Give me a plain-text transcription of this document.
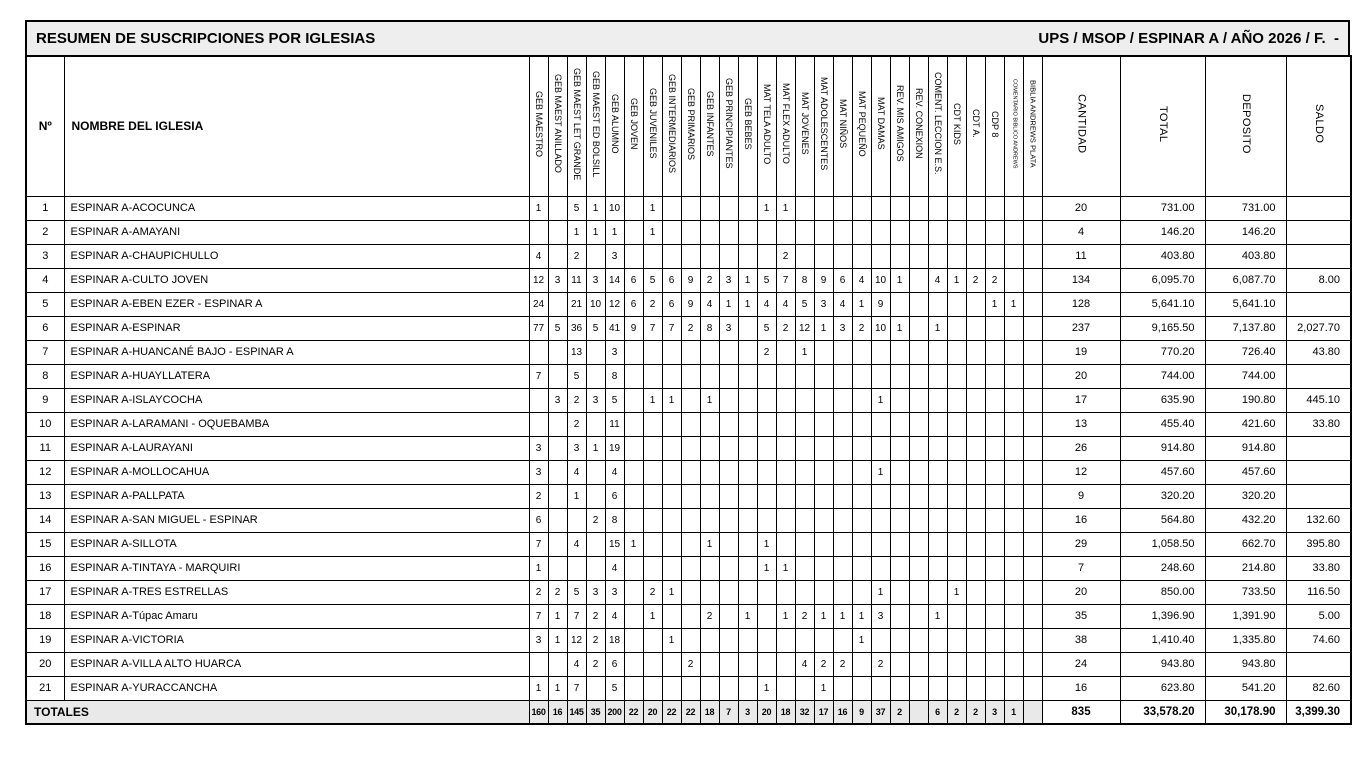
RESUMEN DE SUSCRIPCIONES POR IGLESIAS	UPS / MSOP / ESPINAR A / AÑO 2026 / F.  -
Nº	NOMBRE DEL IGLESIA	GEB MAESTRO	GEB MAEST ANILLADO	GEB MAEST LET GRANDE	GEB MAEST ED BOLSILL	GEB ALUMNO	GEB JOVEN	GEB JUVENILES	GEB INTERMEDIARIOS	GEB PRIMARIOS	GEB INFANTES	GEB PRINCIPIANTES	GEB BEBES	MAT TELA ADULTO	MAT FLEX ADULTO	MAT JOVENES	MAT ADOLESCENTES	MAT NIÑOS	MAT PEQUEÑO	MAT DAMAS	REV. MIS AMIGOS	REV. CONEXION	COMENT. LECCION E.S.	CDT KIDS	CDT A.	CDP 8	COMENTARIO BIBLICO ANDREWS	BIBLIA ANDREWS PLATA	CANTIDAD	TOTAL	DEPOSITO	SALDO
1	ESPINAR A-ACOCUNCA	1		5	1	10		1						1	1														20	731.00	731.00	
2	ESPINAR A-AMAYANI			1	1	1		1																					4	146.20	146.20	
3	ESPINAR A-CHAUPICHULLO	4		2		3									2														11	403.80	403.80	
4	ESPINAR A-CULTO JOVEN	12	3	11	3	14	6	5	6	9	2	3	1	5	7	8	9	6	4	10	1		4	1	2	2			134	6,095.70	6,087.70	8.00
5	ESPINAR A-EBEN EZER - ESPINAR A	24		21	10	12	6	2	6	9	4	1	1	4	4	5	3	4	1	9						1	1		128	5,641.10	5,641.10	
6	ESPINAR A-ESPINAR	77	5	36	5	41	9	7	7	2	8	3		5	2	12	1	3	2	10	1		1						237	9,165.50	7,137.80	2,027.70
7	ESPINAR A-HUANCANÉ BAJO - ESPINAR A			13		3								2		1													19	770.20	726.40	43.80
8	ESPINAR A-HUAYLLATERA	7		5		8																							20	744.00	744.00	
9	ESPINAR A-ISLAYCOCHA		3	2	3	5		1	1		1									1									17	635.90	190.80	445.10
10	ESPINAR A-LARAMANI - OQUEBAMBA			2		11																							13	455.40	421.60	33.80
11	ESPINAR A-LAURAYANI	3		3	1	19																							26	914.80	914.80	
12	ESPINAR A-MOLLOCAHUA	3		4		4														1									12	457.60	457.60	
13	ESPINAR A-PALLPATA	2		1		6																							9	320.20	320.20	
14	ESPINAR A-SAN MIGUEL - ESPINAR	6			2	8																							16	564.80	432.20	132.60
15	ESPINAR A-SILLOTA	7		4		15	1				1			1															29	1,058.50	662.70	395.80
16	ESPINAR A-TINTAYA - MARQUIRI	1				4								1	1														7	248.60	214.80	33.80
17	ESPINAR A-TRES ESTRELLAS	2	2	5	3	3		2	1											1				1					20	850.00	733.50	116.50
18	ESPINAR A-Túpac Amaru	7	1	7	2	4		1			2		1		1	2	1	1	1	3			1						35	1,396.90	1,391.90	5.00
19	ESPINAR A-VICTORIA	3	1	12	2	18			1										1										38	1,410.40	1,335.80	74.60
20	ESPINAR A-VILLA ALTO HUARCA			4	2	6				2						4	2	2		2									24	943.80	943.80	
21	ESPINAR A-YURACCANCHA	1	1	7		5								1			1												16	623.80	541.20	82.60
TOTALES		160	16	145	35	200	22	20	22	22	18	7	3	20	18	32	17	16	9	37	2		6	2	2	3	1		835	33,578.20	30,178.90	3,399.30
